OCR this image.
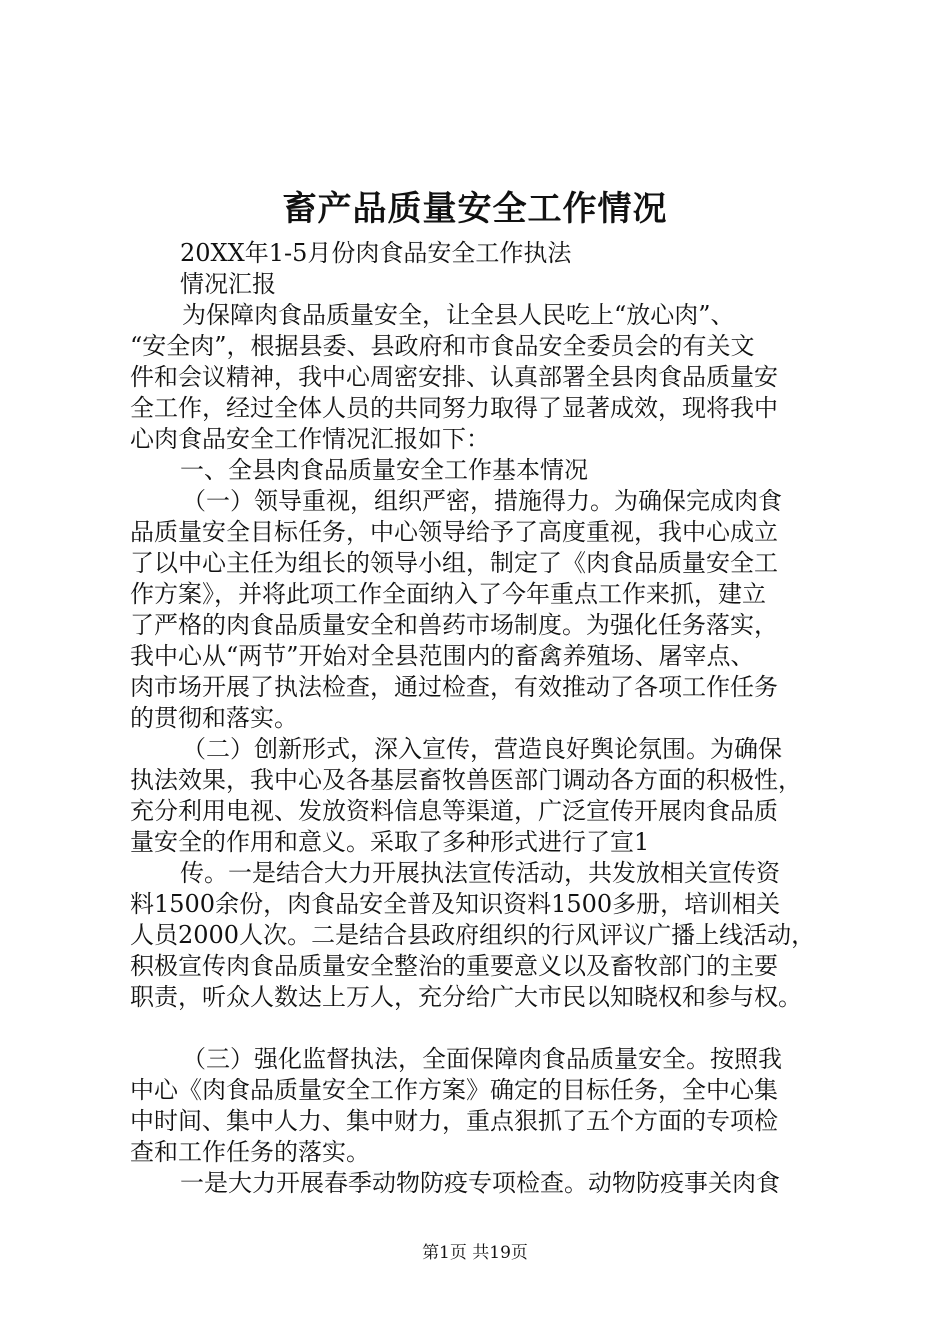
畜产品质量安全工作情况
20XX年1-5月份肉食品安全工作执法
情况汇报
为保障肉食品质量安全，让全县人民吃上“放心肉”、
“安全肉”，根据县委、县政府和市食品安全委员会的有关文
件和会议精神，我中心周密安排、认真部署全县肉食品质量安
全工作，经过全体人员的共同努力取得了显著成效，现将我中
心肉食品安全工作情况汇报如下：
一、全县肉食品质量安全工作基本情况
（一）领导重视，组织严密，措施得力。为确保完成肉食
品质量安全目标任务，中心领导给予了高度重视，我中心成立
了以中心主任为组长的领导小组，制定了《肉食品质量安全工
作方案》，并将此项工作全面纳入了今年重点工作来抓，建立
了严格的肉食品质量安全和兽药市场制度。为强化任务落实，
我中心从“两节”开始对全县范围内的畜禽养殖场、屠宰点、
肉市场开展了执法检查，通过检查，有效推动了各项工作任务
的贯彻和落实。
（二）创新形式，深入宣传，营造良好舆论氛围。为确保
执法效果，我中心及各基层畜牧兽医部门调动各方面的积极性，
充分利用电视、发放资料信息等渠道，广泛宣传开展肉食品质
量安全的作用和意义。采取了多种形式进行了宣1
传。一是结合大力开展执法宣传活动，共发放相关宣传资
料1500余份，肉食品安全普及知识资料1500多册，培训相关
人员2000人次。二是结合县政府组织的行风评议广播上线活动，
积极宣传肉食品质量安全整治的重要意义以及畜牧部门的主要
职责，听众人数达上万人，充分给广大市民以知晓权和参与权。
（三）强化监督执法，全面保障肉食品质量安全。按照我
中心《肉食品质量安全工作方案》确定的目标任务，全中心集
中时间、集中人力、集中财力，重点狠抓了五个方面的专项检
查和工作任务的落实。
一是大力开展春季动物防疫专项检查。动物防疫事关肉食
第1页 共19页
